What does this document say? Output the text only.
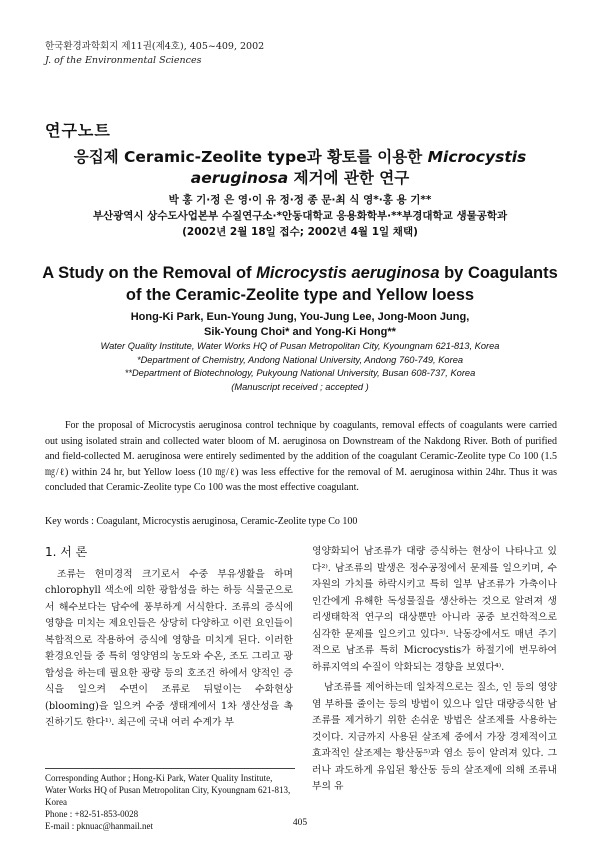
한국환경과학회지 제11권(제4호), 405~409, 2002
J. of the Environmental Sciences
연구노트
응집제 Ceramic-Zeolite type과 황토를 이용한 Microcystis
aeruginosa 제거에 관한 연구
박 홍 기·정 은 영·이 유 정·정 종 문·최 식 영*·홍 용 기**
부산광역시 상수도사업본부 수질연구소·*안동대학교 응용화학부·**부경대학교 생물공학과
(2002년 2월 18일 접수; 2002년 4월 1일 채택)
A Study on the Removal of Microcystis aeruginosa by Coagulants
of the Ceramic-Zeolite type and Yellow loess
Hong-Ki Park, Eun-Young Jung, You-Jung Lee, Jong-Moon Jung,
Sik-Young Choi* and Yong-Ki Hong**
Water Quality Institute, Water Works HQ of Pusan Metropolitan City, Kyoungnam 621-813, Korea
*Department of Chemistry, Andong National University, Andong 760-749, Korea
**Department of Biotechnology, Pukyoung National University, Busan 608-737, Korea
(Manuscript received ; accepted )

For the proposal of Microcystis aeruginosa control technique by coagulants, removal effects of coagulants were carried out using isolated strain and collected water bloom of M. aeruginosa on Downstream of the Nakdong River. Both of purified and field-collected M. aeruginosa were entirely sedimented by the addition of the coagulant Ceramic-Zeolite type Co 100 (1.5 ㎎/ℓ) within 24 hr, but Yellow loess (10 ㎎/ℓ) was less effective for the removal of M. aeruginosa within 24hr. Thus it was concluded that Ceramic-Zeolite type Co 100 was the most effective coagulant.

Key words : Coagulant, Microcystis aeruginosa, Ceramic-Zeolite type Co 100
1. 서 론

조류는 현미경적 크기로서 수중 부유생활을 하며 chlorophyll 색소에 의한 광합성을 하는 하등 식물군으로서 해수보다는 담수에 풍부하게 서식한다. 조류의 증식에 영향을 미치는 제요인들은 상당히 다양하고 이런 요인들이 복합적으로 작용하여 증식에 영향을 미치게 된다. 이러한 환경요인들 중 특히 영양염의 농도와 수온, 조도 그리고 광합성을 하는데 필요한 광량 등의 호조건 하에서 양적인 증식을 일으켜 수면이 조류로 뒤덮이는 수화현상(blooming)을 일으켜 수중 생태계에서 1차 생산성을 촉진하기도 한다¹⁾. 최근에 국내 여러 수계가 부

영양화되어 남조류가 대량 증식하는 현상이 나타나고 있다²⁾. 남조류의 발생은 정수공정에서 문제를 일으키며, 수자원의 가치를 하락시키고 특히 일부 남조류가 가축이나 인간에게 유해한 독성물질을 생산하는 것으로 알려져 생리생태학적 연구의 대상뿐만 아니라 공중 보건학적으로 심각한 문제를 일으키고 있다³⁾. 낙동강에서도 매년 주기적으로 남조류 특히 Microcystis가 하절기에 번무하여 하류지역의 수질이 악화되는 경향을 보였다⁴⁾.

남조류를 제어하는데 일차적으로는 질소, 인 등의 영양염 부하를 줄이는 등의 방법이 있으나 일단 대량증식한 남조류를 제거하기 위한 손쉬운 방법은 살조제를 사용하는 것이다. 지금까지 사용된 살조제 중에서 가장 경제적이고 효과적인 살조제는 황산동⁵⁾과 염소 등이 알려져 있다. 그러나 과도하게 유입된 황산동 등의 살조제에 의해 조류내부의 유

Corresponding Author ; Hong-Ki Park, Water Quality Institute, Water Works HQ of Pusan Metropolitan City, Kyoungnam 621-813, Korea
Phone : +82-51-853-0028
E-mail : pknuac@hanmail.net	405
